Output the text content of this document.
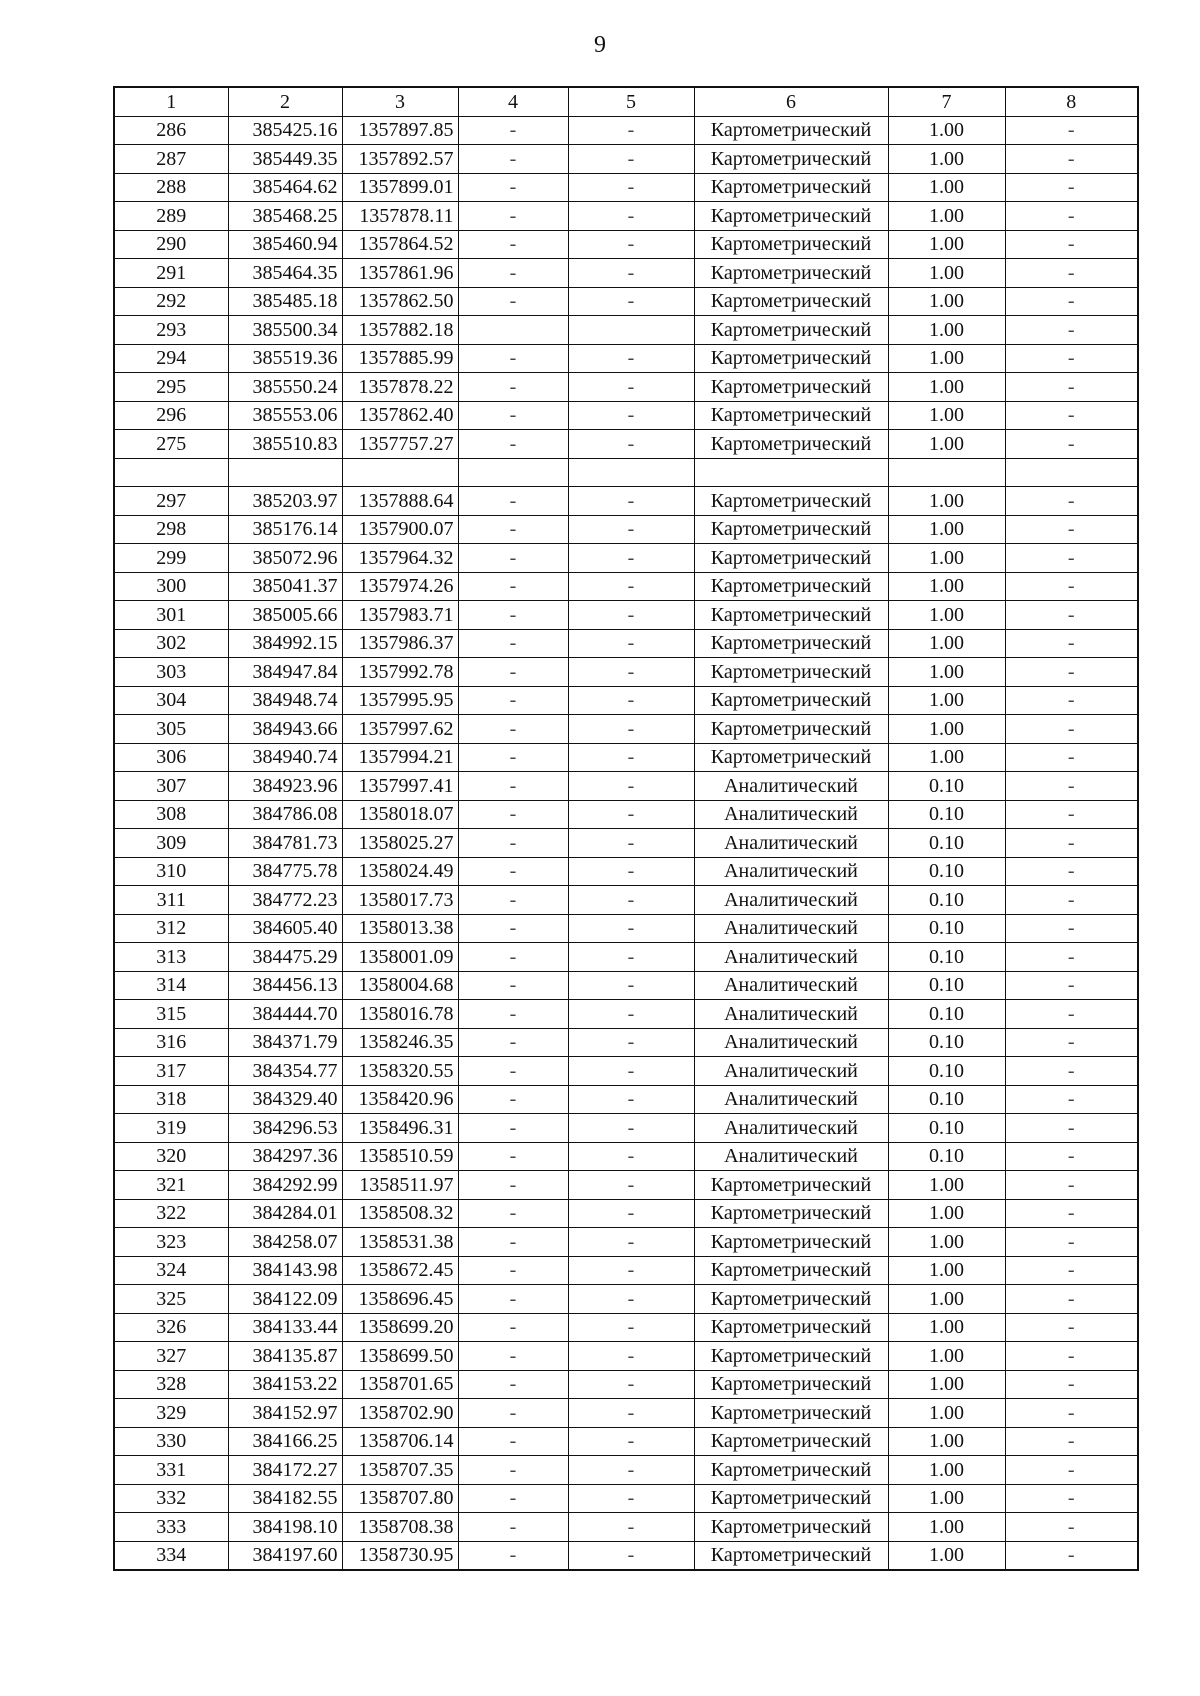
9
1	2	3	4	5	6	7	8
286	385425.16	1357897.85	-	-	Картометрический	1.00	-
287	385449.35	1357892.57	-	-	Картометрический	1.00	-
288	385464.62	1357899.01	-	-	Картометрический	1.00	-
289	385468.25	1357878.11	-	-	Картометрический	1.00	-
290	385460.94	1357864.52	-	-	Картометрический	1.00	-
291	385464.35	1357861.96	-	-	Картометрический	1.00	-
292	385485.18	1357862.50	-	-	Картометрический	1.00	-
293	385500.34	1357882.18			Картометрический	1.00	-
294	385519.36	1357885.99	-	-	Картометрический	1.00	-
295	385550.24	1357878.22	-	-	Картометрический	1.00	-
296	385553.06	1357862.40	-	-	Картометрический	1.00	-
275	385510.83	1357757.27	-	-	Картометрический	1.00	-

297	385203.97	1357888.64	-	-	Картометрический	1.00	-
298	385176.14	1357900.07	-	-	Картометрический	1.00	-
299	385072.96	1357964.32	-	-	Картометрический	1.00	-
300	385041.37	1357974.26	-	-	Картометрический	1.00	-
301	385005.66	1357983.71	-	-	Картометрический	1.00	-
302	384992.15	1357986.37	-	-	Картометрический	1.00	-
303	384947.84	1357992.78	-	-	Картометрический	1.00	-
304	384948.74	1357995.95	-	-	Картометрический	1.00	-
305	384943.66	1357997.62	-	-	Картометрический	1.00	-
306	384940.74	1357994.21	-	-	Картометрический	1.00	-
307	384923.96	1357997.41	-	-	Аналитический	0.10	-
308	384786.08	1358018.07	-	-	Аналитический	0.10	-
309	384781.73	1358025.27	-	-	Аналитический	0.10	-
310	384775.78	1358024.49	-	-	Аналитический	0.10	-
311	384772.23	1358017.73	-	-	Аналитический	0.10	-
312	384605.40	1358013.38	-	-	Аналитический	0.10	-
313	384475.29	1358001.09	-	-	Аналитический	0.10	-
314	384456.13	1358004.68	-	-	Аналитический	0.10	-
315	384444.70	1358016.78	-	-	Аналитический	0.10	-
316	384371.79	1358246.35	-	-	Аналитический	0.10	-
317	384354.77	1358320.55	-	-	Аналитический	0.10	-
318	384329.40	1358420.96	-	-	Аналитический	0.10	-
319	384296.53	1358496.31	-	-	Аналитический	0.10	-
320	384297.36	1358510.59	-	-	Аналитический	0.10	-
321	384292.99	1358511.97	-	-	Картометрический	1.00	-
322	384284.01	1358508.32	-	-	Картометрический	1.00	-
323	384258.07	1358531.38	-	-	Картометрический	1.00	-
324	384143.98	1358672.45	-	-	Картометрический	1.00	-
325	384122.09	1358696.45	-	-	Картометрический	1.00	-
326	384133.44	1358699.20	-	-	Картометрический	1.00	-
327	384135.87	1358699.50	-	-	Картометрический	1.00	-
328	384153.22	1358701.65	-	-	Картометрический	1.00	-
329	384152.97	1358702.90	-	-	Картометрический	1.00	-
330	384166.25	1358706.14	-	-	Картометрический	1.00	-
331	384172.27	1358707.35	-	-	Картометрический	1.00	-
332	384182.55	1358707.80	-	-	Картометрический	1.00	-
333	384198.10	1358708.38	-	-	Картометрический	1.00	-
334	384197.60	1358730.95	-	-	Картометрический	1.00	-
